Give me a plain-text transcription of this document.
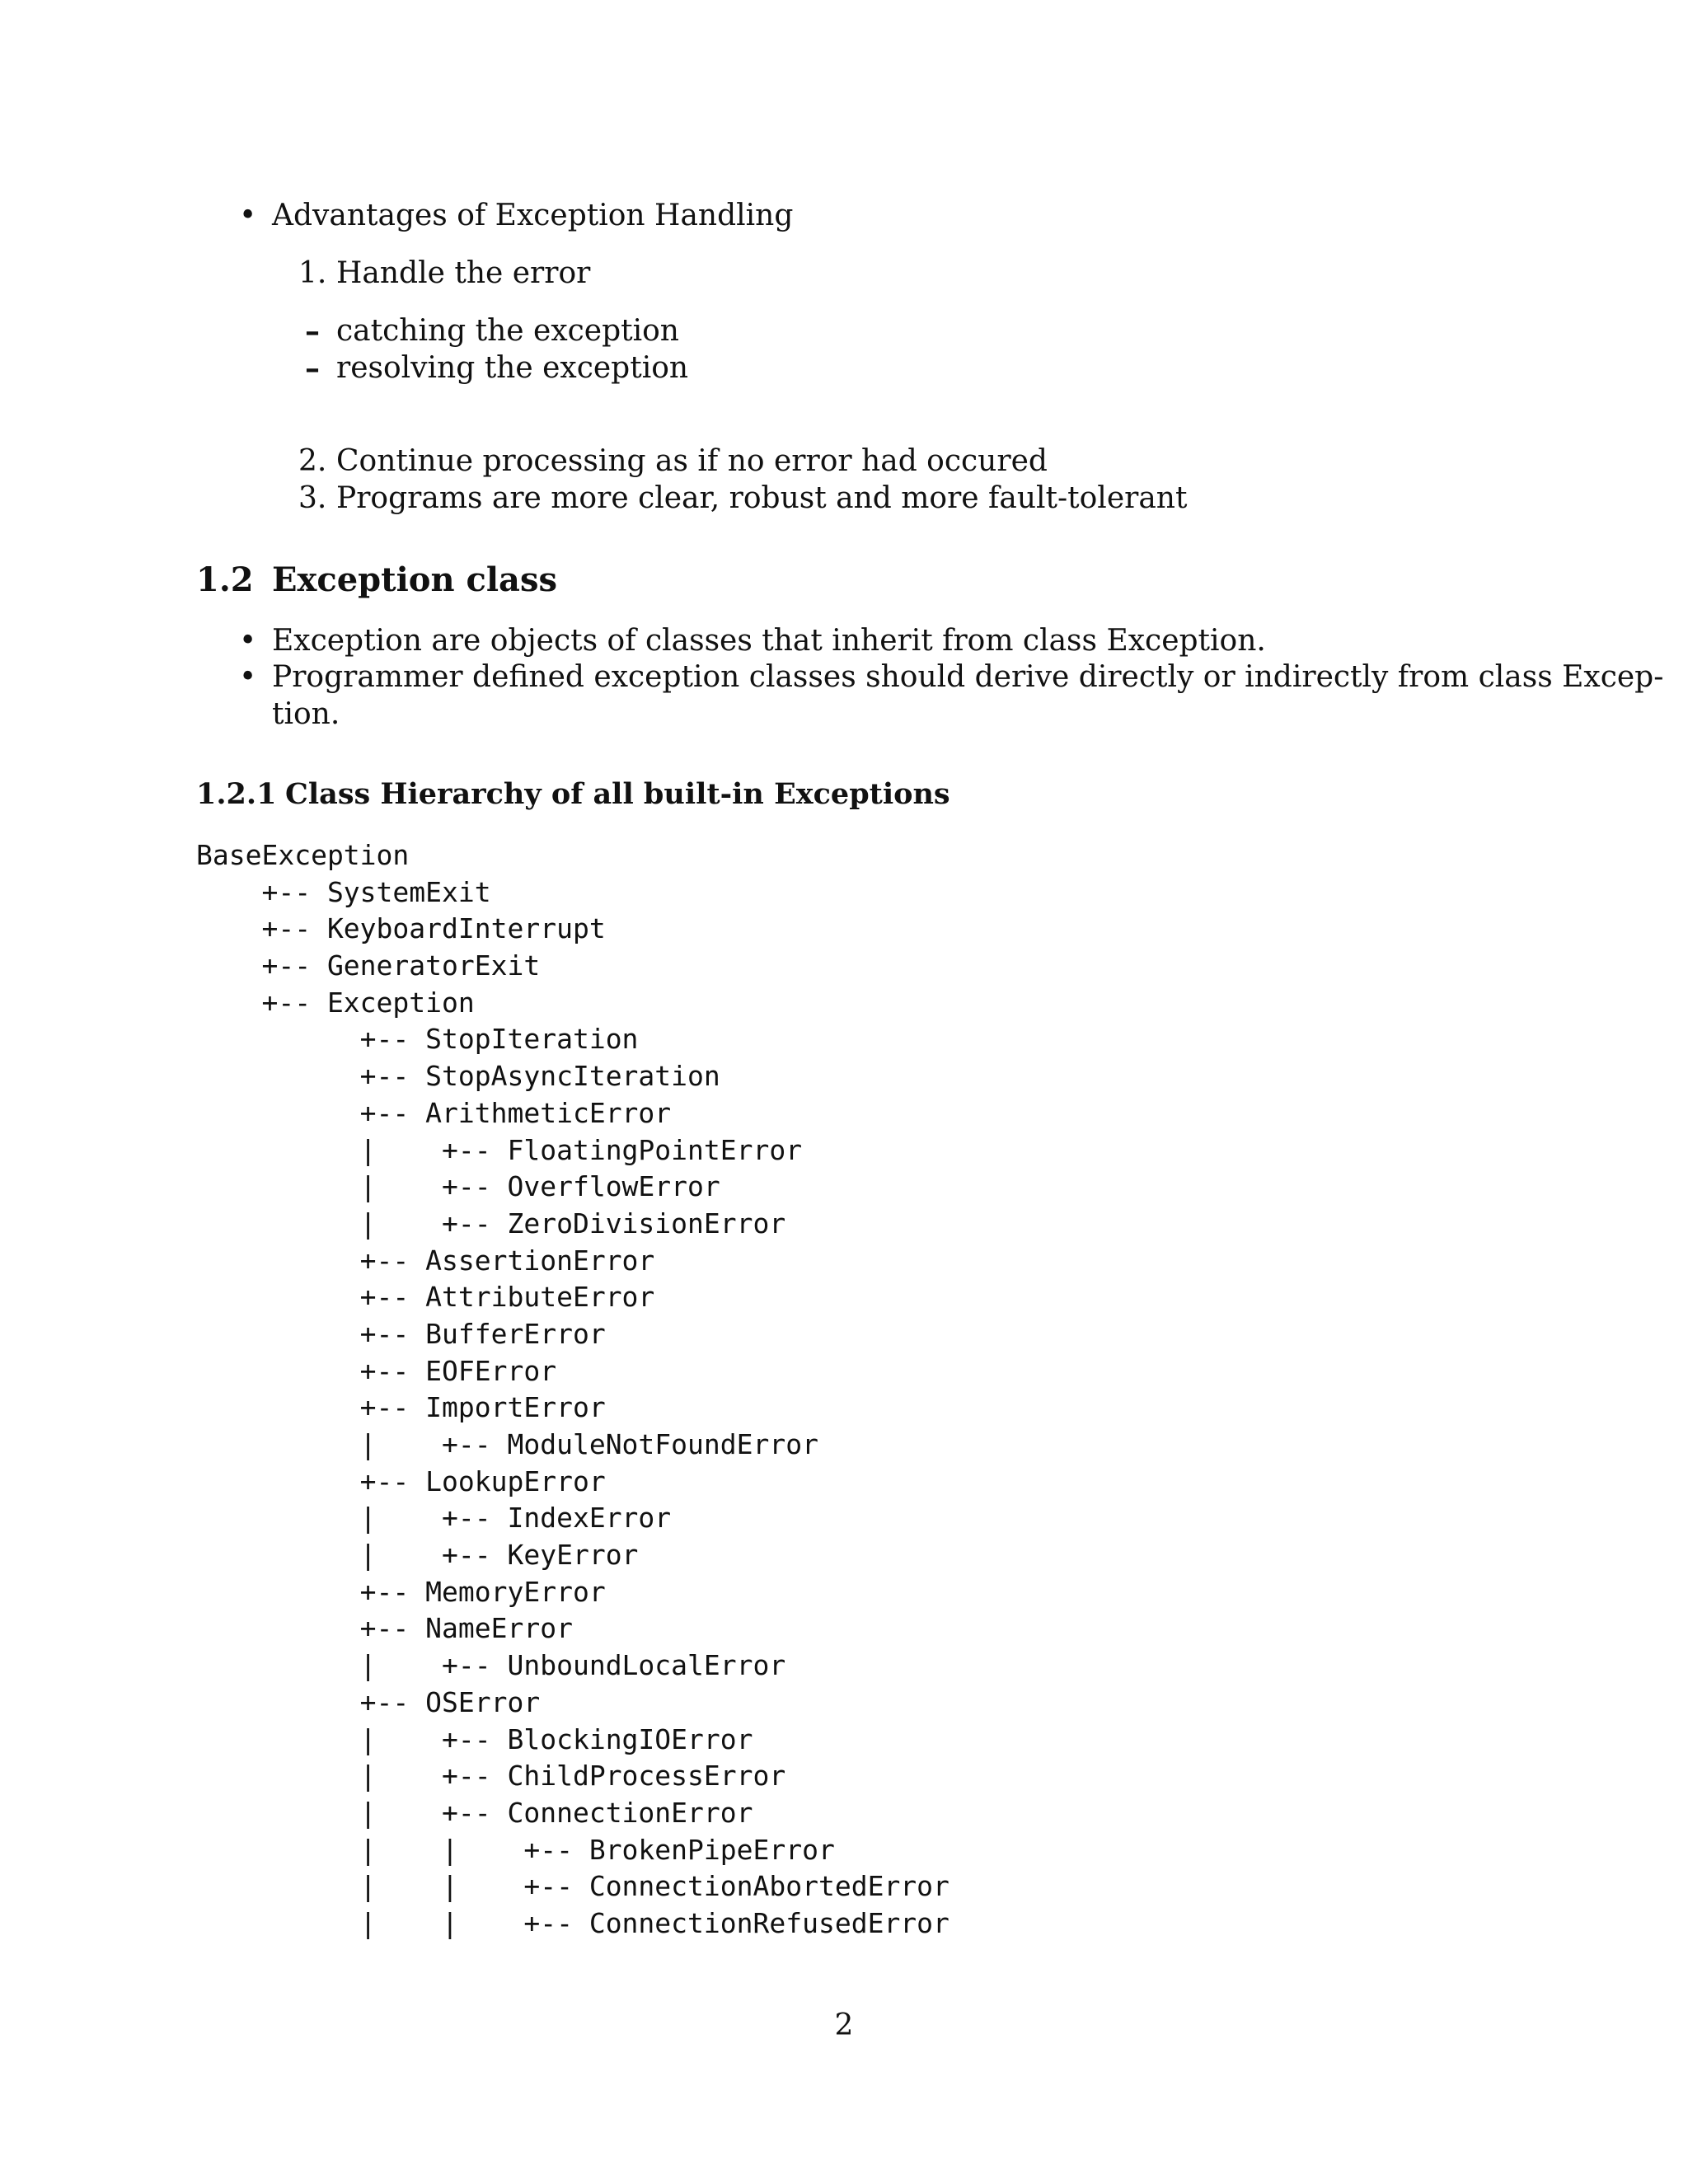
• Advantages of Exception Handling
1. Handle the error
– catching the exception
– resolving the exception
2. Continue processing as if no error had occured
3. Programs are more clear, robust and more fault-tolerant
1.2 Exception class
• Exception are objects of classes that inherit from class Exception.
• Programmer defined exception classes should derive directly or indirectly from class Excep-
tion.
1.2.1 Class Hierarchy of all built-in Exceptions
BaseException
+-- SystemExit
+-- KeyboardInterrupt
+-- GeneratorExit
+-- Exception
+-- StopIteration
+-- StopAsyncIteration
+-- ArithmeticError
|    +-- FloatingPointError
|    +-- OverflowError
|    +-- ZeroDivisionError
+-- AssertionError
+-- AttributeError
+-- BufferError
+-- EOFError
+-- ImportError
|    +-- ModuleNotFoundError
+-- LookupError
|    +-- IndexError
|    +-- KeyError
+-- MemoryError
+-- NameError
|    +-- UnboundLocalError
+-- OSError
|    +-- BlockingIOError
|    +-- ChildProcessError
|    +-- ConnectionError
|    |    +-- BrokenPipeError
|    |    +-- ConnectionAbortedError
|    |    +-- ConnectionRefusedError
2
